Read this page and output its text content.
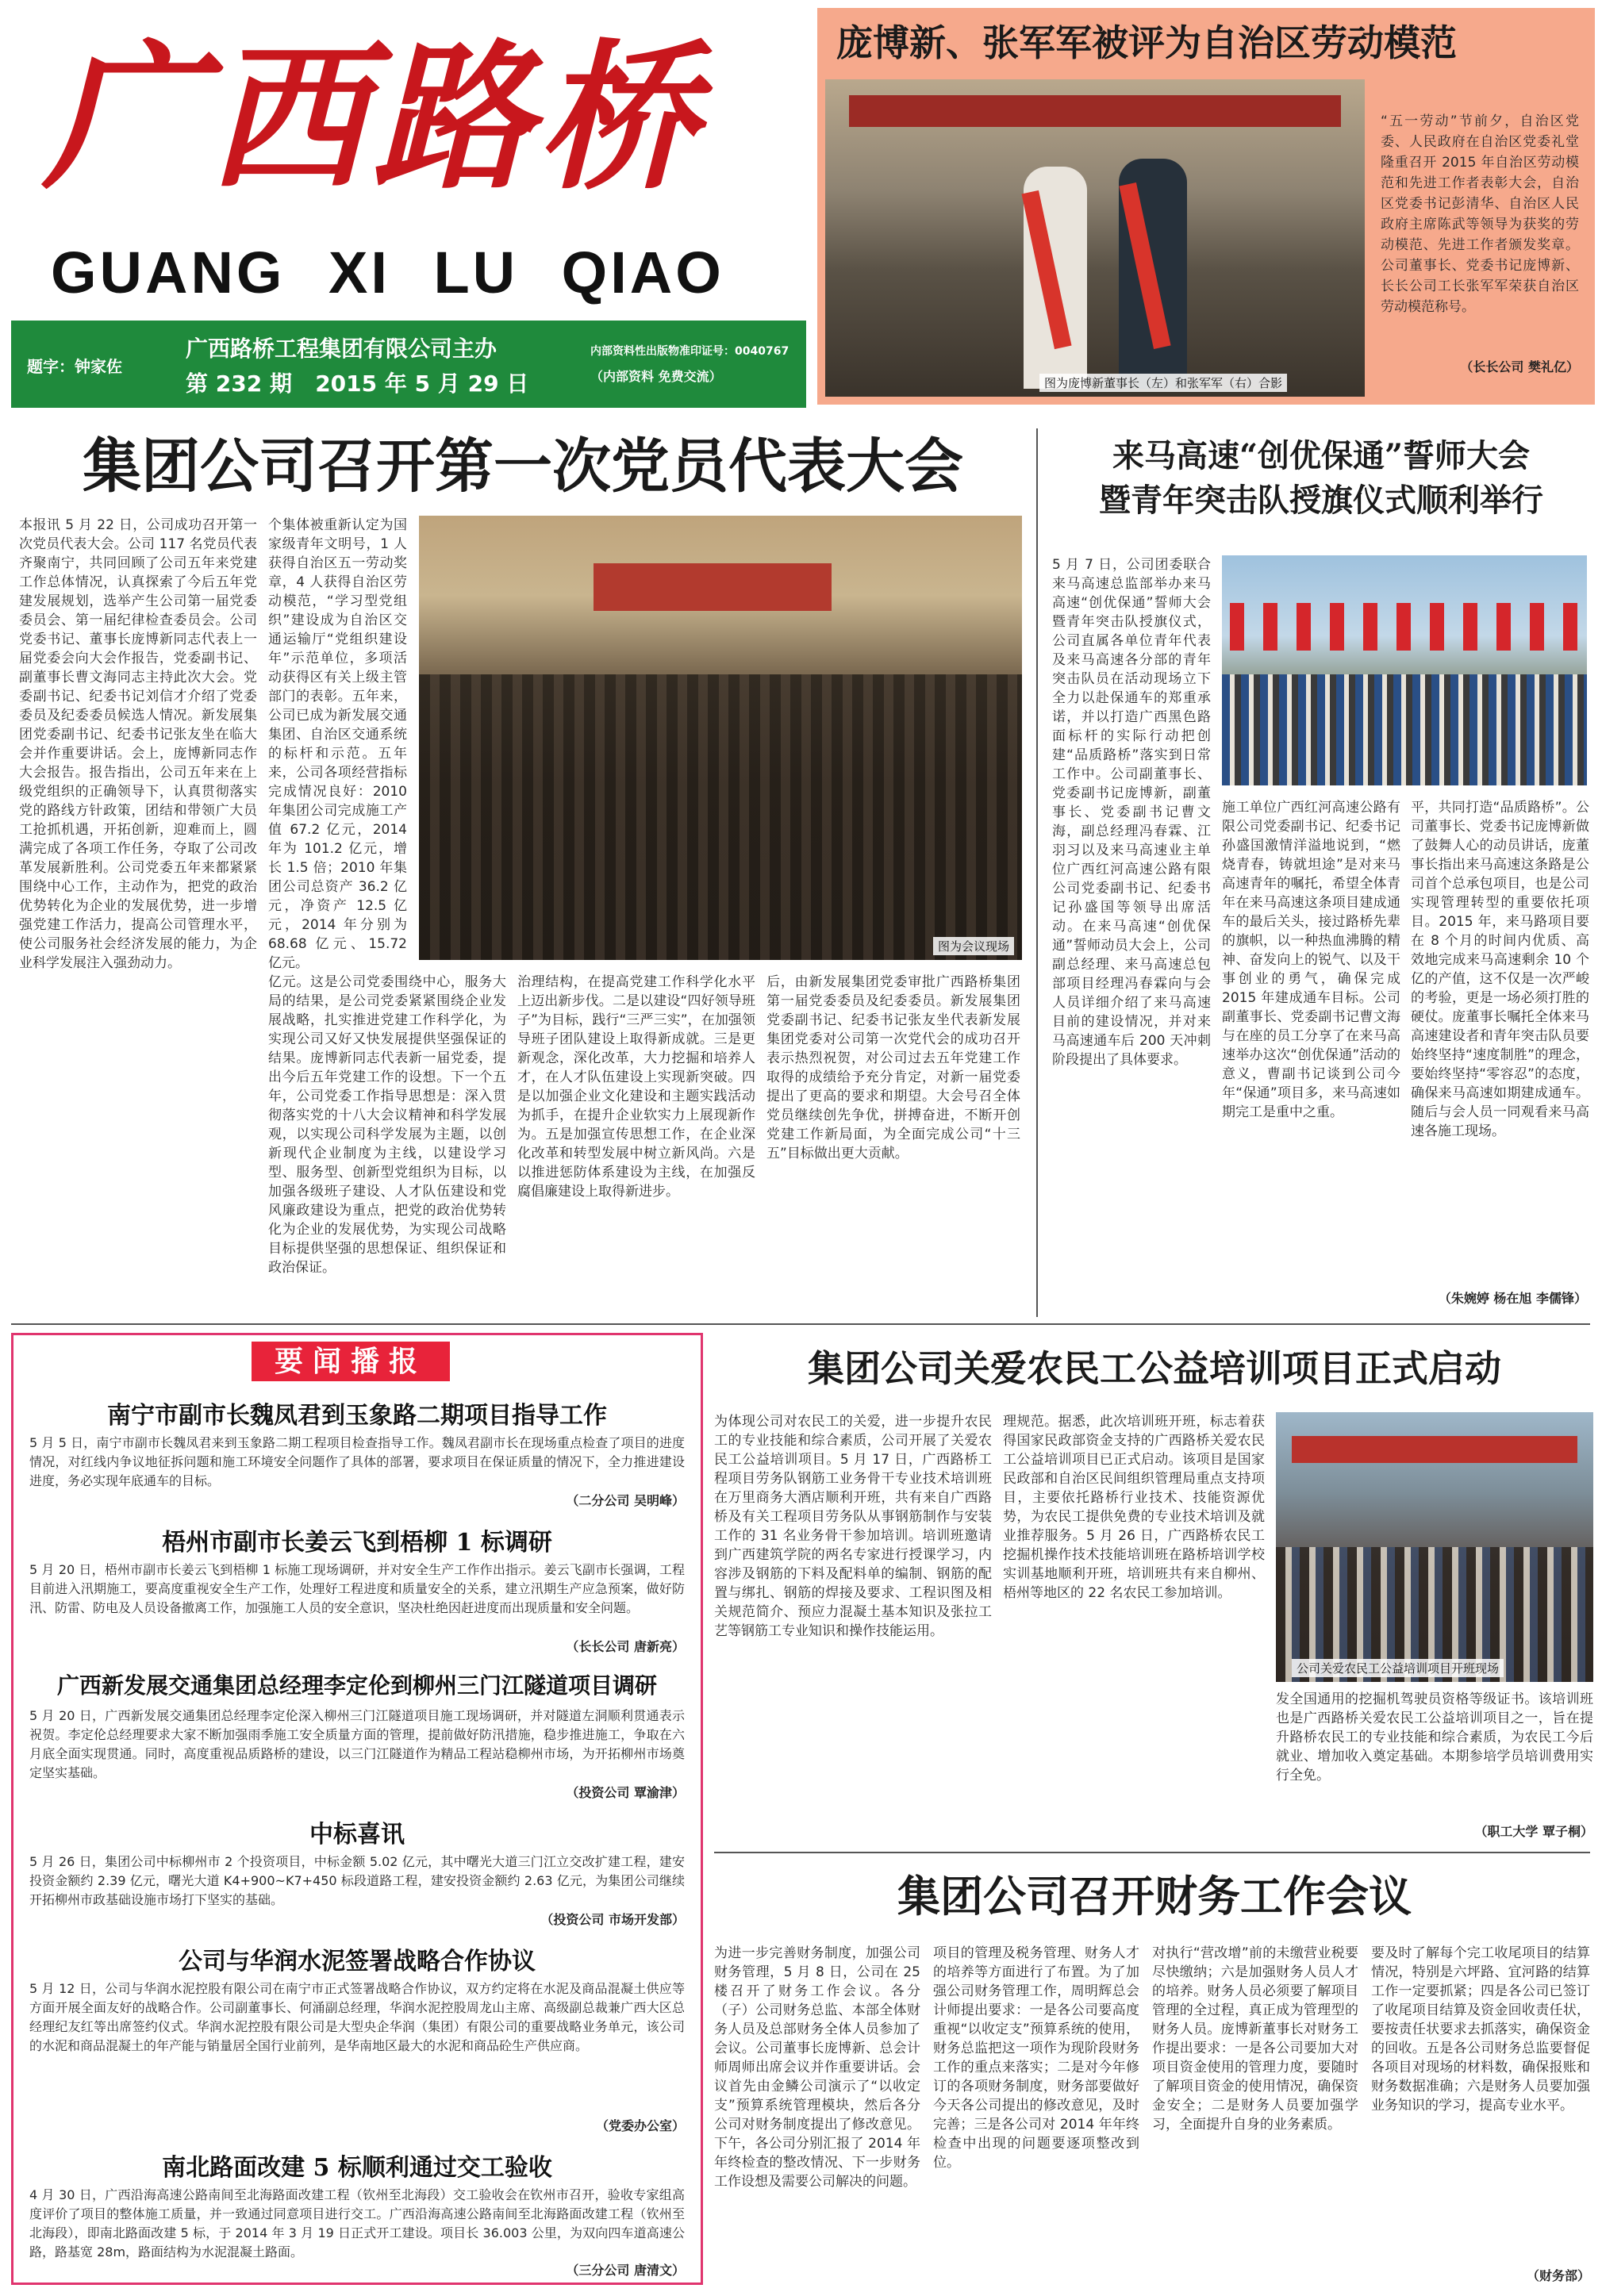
广西路桥
GUANG XI LU QIAO
题字：钟家佐
广西路桥工程集团有限公司主办
第 232 期   2015 年 5 月 29 日
内部资料性出版物准印证号：0040767
（内部资料 免费交流）
庞博新、张军军被评为自治区劳动模范
图为庞博新董事长（左）和张军军（右）合影
“五一劳动”节前夕，自治区党委、人民政府在自治区党委礼堂隆重召开 2015 年自治区劳动模范和先进工作者表彰大会，自治区党委书记彭清华、自治区人民政府主席陈武等领导为获奖的劳动模范、先进工作者颁发奖章。公司董事长、党委书记庞博新、长长公司工长张军军荣获自治区劳动模范称号。
（长长公司 樊礼亿）
集团公司召开第一次党员代表大会
本报讯 5 月 22 日，公司成功召开第一次党员代表大会。公司 117 名党员代表齐聚南宁，共同回顾了公司五年来党建工作总体情况，认真探索了今后五年党建发展规划，选举产生公司第一届党委委员会、第一届纪律检查委员会。公司党委书记、董事长庞博新同志代表上一届党委会向大会作报告，党委副书记、副董事长曹文海同志主持此次大会。党委副书记、纪委书记刘信才介绍了党委委员及纪委委员候选人情况。新发展集团党委副书记、纪委书记张友坐在临大会并作重要讲话。会上，庞博新同志作大会报告。报告指出，公司五年来在上级党组织的正确领导下，认真贯彻落实党的路线方针政策，团结和带领广大员工抢抓机遇，开拓创新，迎难而上，圆满完成了各项工作任务，夺取了公司改革发展新胜利。公司党委五年来都紧紧围绕中心工作，主动作为，把党的政治优势转化为企业的发展优势，进一步增强党建工作活力，提高公司管理水平，使公司服务社会经济发展的能力，为企业科学发展注入强劲动力。
个集体被重新认定为国家级青年文明号，1 人获得自治区五一劳动奖章，4 人获得自治区劳动模范，“学习型党组织”建设成为自治区交通运输厅“党组织建设年”示范单位，多项活动获得区有关上级主管部门的表彰。五年来，公司已成为新发展交通集团、自治区交通系统的标杆和示范。五年来，公司各项经营指标完成情况良好：2010 年集团公司完成施工产值 67.2 亿元，2014 年为 101.2 亿元，增长 1.5 倍；2010 年集团公司总资产 36.2 亿元，净资产 12.5 亿元，2014 年分别为 68.68 亿元、15.72 亿元。
图为会议现场
亿元。这是公司党委围绕中心，服务大局的结果，是公司党委紧紧围绕企业发展战略，扎实推进党建工作科学化，为实现公司又好又快发展提供坚强保证的结果。庞博新同志代表新一届党委，提出今后五年党建工作的设想。下一个五年，公司党委工作指导思想是：深入贯彻落实党的十八大会议精神和科学发展观，以实现公司科学发展为主题，以创新现代企业制度为主线，以建设学习型、服务型、创新型党组织为目标，以加强各级班子建设、人才队伍建设和党风廉政建设为重点，把党的政治优势转化为企业的发展优势，为实现公司战略目标提供坚强的思想保证、组织保证和政治保证。
治理结构，在提高党建工作科学化水平上迈出新步伐。二是以建设“四好领导班子”为目标，践行“三严三实”，在加强领导班子团队建设上取得新成就。三是更新观念，深化改革，大力挖掘和培养人才，在人才队伍建设上实现新突破。四是以加强企业文化建设和主题实践活动为抓手，在提升企业软实力上展现新作为。五是加强宣传思想工作，在企业深化改革和转型发展中树立新风尚。六是以推进惩防体系建设为主线，在加强反腐倡廉建设上取得新进步。
后，由新发展集团党委审批广西路桥集团第一届党委委员及纪委委员。新发展集团党委副书记、纪委书记张友坐代表新发展集团党委对公司第一次党代会的成功召开表示热烈祝贺，对公司过去五年党建工作取得的成绩给予充分肯定，对新一届党委提出了更高的要求和期望。大会号召全体党员继续创先争优，拼搏奋进，不断开创党建工作新局面，为全面完成公司“十三五”目标做出更大贡献。
来马高速“创优保通”誓师大会
暨青年突击队授旗仪式顺利举行
5 月 7 日，公司团委联合来马高速总监部举办来马高速“创优保通”誓师大会暨青年突击队授旗仪式，公司直属各单位青年代表及来马高速各分部的青年突击队员在活动现场立下全力以赴保通车的郑重承诺，并以打造广西黑色路面标杆的实际行动把创建“品质路桥”落实到日常工作中。公司副董事长、党委副书记庞博新，副董事长、党委副书记曹文海，副总经理冯春霖、江羽习以及来马高速业主单位广西红河高速公路有限公司党委副书记、纪委书记孙盛国等领导出席活动。在来马高速“创优保通”誓师动员大会上，公司副总经理、来马高速总包部项目经理冯春霖向与会人员详细介绍了来马高速目前的建设情况，并对来马高速通车后 200 天冲刺阶段提出了具体要求。
施工单位广西红河高速公路有限公司党委副书记、纪委书记孙盛国激情洋溢地说到，“燃烧青春，铸就坦途”是对来马高速青年的嘱托，希望全体青年在来马高速这条项目建成通车的最后关头，接过路桥先辈的旗帜，以一种热血沸腾的精神、奋发向上的锐气、以及干事创业的勇气，确保完成 2015 年建成通车目标。公司副董事长、党委副书记曹文海与在座的员工分享了在来马高速举办这次“创优保通”活动的意义，曹副书记谈到公司今年“保通”项目多，来马高速如期完工是重中之重。
平，共同打造“品质路桥”。公司董事长、党委书记庞博新做了鼓舞人心的动员讲话，庞董事长指出来马高速这条路是公司首个总承包项目，也是公司实现管理转型的重要依托项目。2015 年，来马路项目要在 8 个月的时间内优质、高效地完成来马高速剩余 10 个亿的产值，这不仅是一次严峻的考验，更是一场必须打胜的硬仗。庞董事长嘱托全体来马高速建设者和青年突击队员要始终坚持“速度制胜”的理念，要始终坚持“零容忍”的态度，确保来马高速如期建成通车。随后与会人员一同观看来马高速各施工现场。
（朱婉婷 杨在旭 李儒锋）
要闻播报
南宁市副市长魏凤君到玉象路二期项目指导工作
5 月 5 日，南宁市副市长魏凤君来到玉象路二期工程项目检查指导工作。魏凤君副市长在现场重点检查了项目的进度情况，对红线内争议地征拆问题和施工环境安全问题作了具体的部署，要求项目在保证质量的情况下，全力推进建设进度，务必实现年底通车的目标。
（二分公司 吴明峰）
梧州市副市长姜云飞到梧柳 1 标调研
5 月 20 日，梧州市副市长姜云飞到梧柳 1 标施工现场调研，并对安全生产工作作出指示。姜云飞副市长强调，工程目前进入汛期施工，要高度重视安全生产工作，处理好工程进度和质量安全的关系，建立汛期生产应急预案，做好防汛、防雷、防电及人员设备撤离工作，加强施工人员的安全意识，坚决杜绝因赶进度而出现质量和安全问题。
（长长公司 唐新亮）
广西新发展交通集团总经理李定伦到柳州三门江隧道项目调研
5 月 20 日，广西新发展交通集团总经理李定伦深入柳州三门江隧道项目施工现场调研，并对隧道左洞顺利贯通表示祝贺。李定伦总经理要求大家不断加强雨季施工安全质量方面的管理，提前做好防汛措施，稳步推进施工，争取在六月底全面实现贯通。同时，高度重视品质路桥的建设，以三门江隧道作为精品工程站稳柳州市场，为开拓柳州市场奠定坚实基础。
（投资公司 覃渝津）
中标喜讯
5 月 26 日，集团公司中标柳州市 2 个投资项目，中标金额 5.02 亿元，其中曙光大道三门江立交改扩建工程，建安投资金额约 2.39 亿元，曙光大道 K4+900~K7+450 标段道路工程，建安投资金额约 2.63 亿元，为集团公司继续开拓柳州市政基础设施市场打下坚实的基础。
（投资公司 市场开发部）
公司与华润水泥签署战略合作协议
5 月 12 日，公司与华润水泥控股有限公司在南宁市正式签署战略合作协议，双方约定将在水泥及商品混凝土供应等方面开展全面友好的战略合作。公司副董事长、何涌副总经理，华润水泥控股周龙山主席、高级副总裁兼广西大区总经理纪友红等出席签约仪式。华润水泥控股有限公司是大型央企华润（集团）有限公司的重要战略业务单元，该公司的水泥和商品混凝土的年产能与销量居全国行业前列，是华南地区最大的水泥和商品砼生产供应商。
（党委办公室）
南北路面改建 5 标顺利通过交工验收
4 月 30 日，广西沿海高速公路南间至北海路面改建工程（钦州至北海段）交工验收会在钦州市召开，验收专家组高度评价了项目的整体施工质量，并一致通过同意项目进行交工。广西沿海高速公路南间至北海路面改建工程（钦州至北海段），即南北路面改建 5 标，于 2014 年 3 月 19 日正式开工建设。项目长 36.003 公里，为双向四车道高速公路，路基宽 28m，路面结构为水泥混凝土路面。
（三分公司 唐清文）
集团公司关爱农民工公益培训项目正式启动
为体现公司对农民工的关爱，进一步提升农民工的专业技能和综合素质，公司开展了关爱农民工公益培训项目。5 月 17 日，广西路桥工程项目劳务队钢筋工业务骨干专业技术培训班在万里商务大酒店顺利开班，共有来自广西路桥及有关工程项目劳务队从事钢筋制作与安装工作的 31 名业务骨干参加培训。培训班邀请到广西建筑学院的两名专家进行授课学习，内容涉及钢筋的下料及配料单的编制、钢筋的配置与绑扎、钢筋的焊接及要求、工程识图及相关规范简介、预应力混凝土基本知识及张拉工艺等钢筋工专业知识和操作技能运用。
理规范。据悉，此次培训班开班，标志着获得国家民政部资金支持的广西路桥关爱农民工公益培训项目已正式启动。该项目是国家民政部和自治区民间组织管理局重点支持项目，主要依托路桥行业技术、技能资源优势，为农民工提供免费的专业技术培训及就业推荐服务。5 月 26 日，广西路桥农民工挖掘机操作技术技能培训班在路桥培训学校实训基地顺利开班，培训班共有来自柳州、梧州等地区的 22 名农民工参加培训。
公司关爱农民工公益培训项目开班现场
发全国通用的挖掘机驾驶员资格等级证书。该培训班也是广西路桥关爱农民工公益培训项目之一，旨在提升路桥农民工的专业技能和综合素质，为农民工今后就业、增加收入奠定基础。本期参培学员培训费用实行全免。
（职工大学 覃子桐）
集团公司召开财务工作会议
为进一步完善财务制度，加强公司财务管理，5 月 8 日，公司在 25 楼召开了财务工作会议。各分（子）公司财务总监、本部全体财务人员及总部财务全体人员参加了会议。公司董事长庞博新、总会计师周师出席会议并作重要讲话。会议首先由金鳞公司演示了“以收定支”预算系统管理模块，然后各分公司对财务制度提出了修改意见。下午，各公司分别汇报了 2014 年年终检查的整改情况、下一步财务工作设想及需要公司解决的问题。
项目的管理及税务管理、财务人才的培养等方面进行了布置。为了加强公司财务管理工作，周明辉总会计师提出要求：一是各公司要高度重视“以收定支”预算系统的使用，财务总监把这一项作为现阶段财务工作的重点来落实；二是对今年修订的各项财务制度，财务部要做好今天各公司提出的修改意见，及时完善；三是各公司对 2014 年年终检查中出现的问题要逐项整改到位。
对执行“营改增”前的未缴营业税要尽快缴纳；六是加强财务人员人才的培养。财务人员必须要了解项目管理的全过程，真正成为管理型的财务人员。庞博新董事长对财务工作提出要求：一是各公司要加大对项目资金使用的管理力度，要随时了解项目资金的使用情况，确保资金安全；二是财务人员要加强学习，全面提升自身的业务素质。
要及时了解每个完工收尾项目的结算情况，特别是六坪路、宜河路的结算工作一定要抓紧；四是各公司已签订了收尾项目结算及资金回收责任状，要按责任状要求去抓落实，确保资金的回收。五是各公司财务总监要督促各项目对现场的材料数，确保报账和财务数据准确；六是财务人员要加强业务知识的学习，提高专业水平。
（财务部）
